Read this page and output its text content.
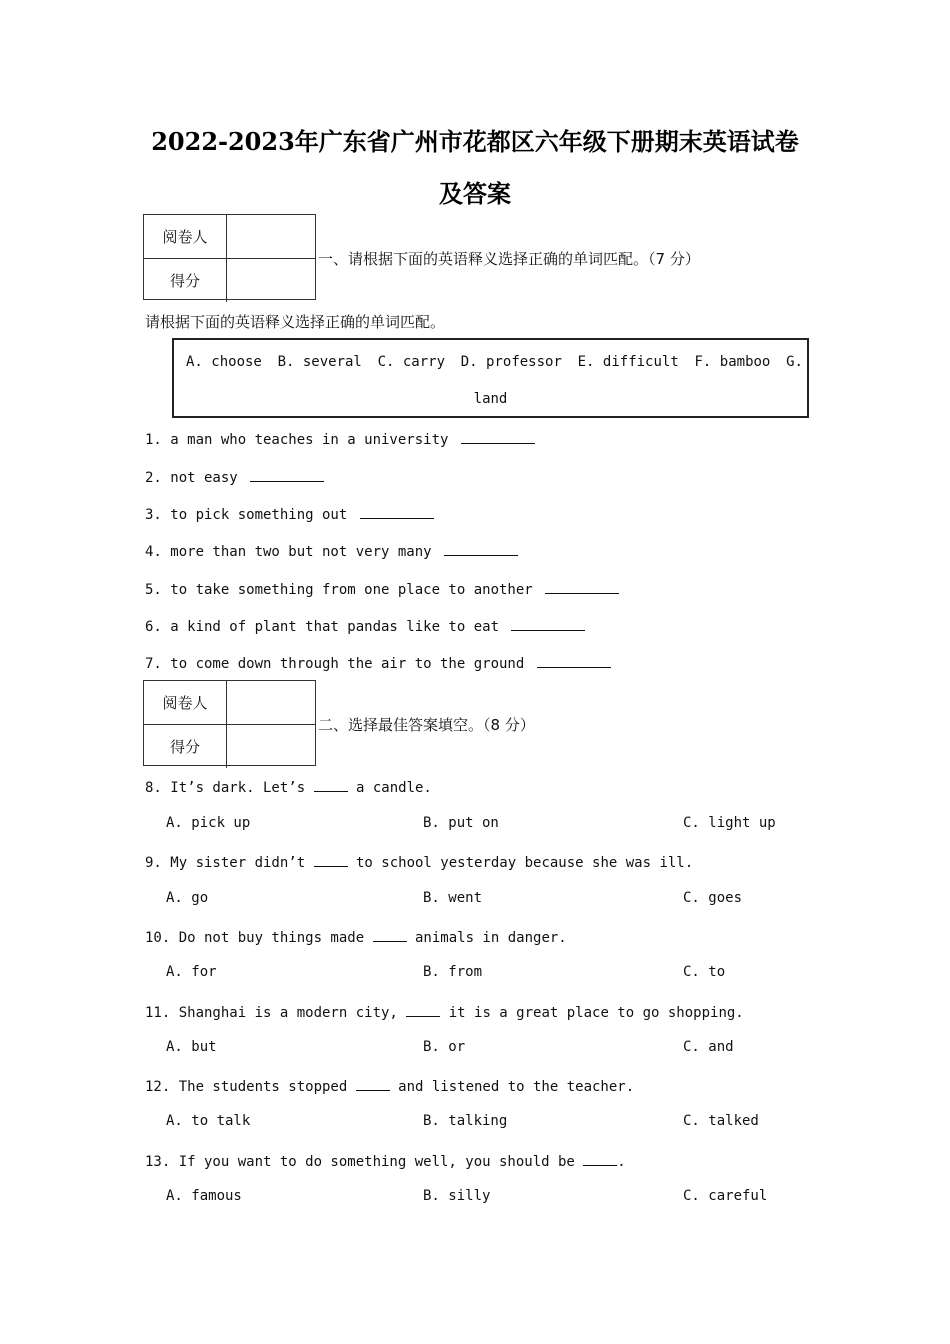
2022-2023年广东省广州市花都区六年级下册期末英语试卷
及答案
阅卷人
得分
一、请根据下面的英语释义选择正确的单词匹配。（7 分）
请根据下面的英语释义选择正确的单词匹配。
A. choose B. several C. carry D. professor E. difficult F. bamboo G.
land
1. a man who teaches in a university
2. not easy
3. to pick something out
4. more than two but not very many
5. to take something from one place to another
6. a kind of plant that pandas like to eat
7. to come down through the air to the ground
阅卷人
得分
二、选择最佳答案填空。（8 分）
8. It’s dark. Let’s  a candle.

A. pick up

	B. put on

	C. light up

9. My sister didn’t  to school yesterday because she was ill.

A. go

	B. went

	C. goes

10. Do not buy things made  animals in danger.

A. for

	B. from

	C. to

11. Shanghai is a modern city,  it is a great place to go shopping.

A. but

	B. or

	C. and

12. The students stopped  and listened to the teacher.

A. to talk

	B. talking

	C. talked

13. If you want to do something well, you should be .

A. famous

	B. silly

	C. careful
